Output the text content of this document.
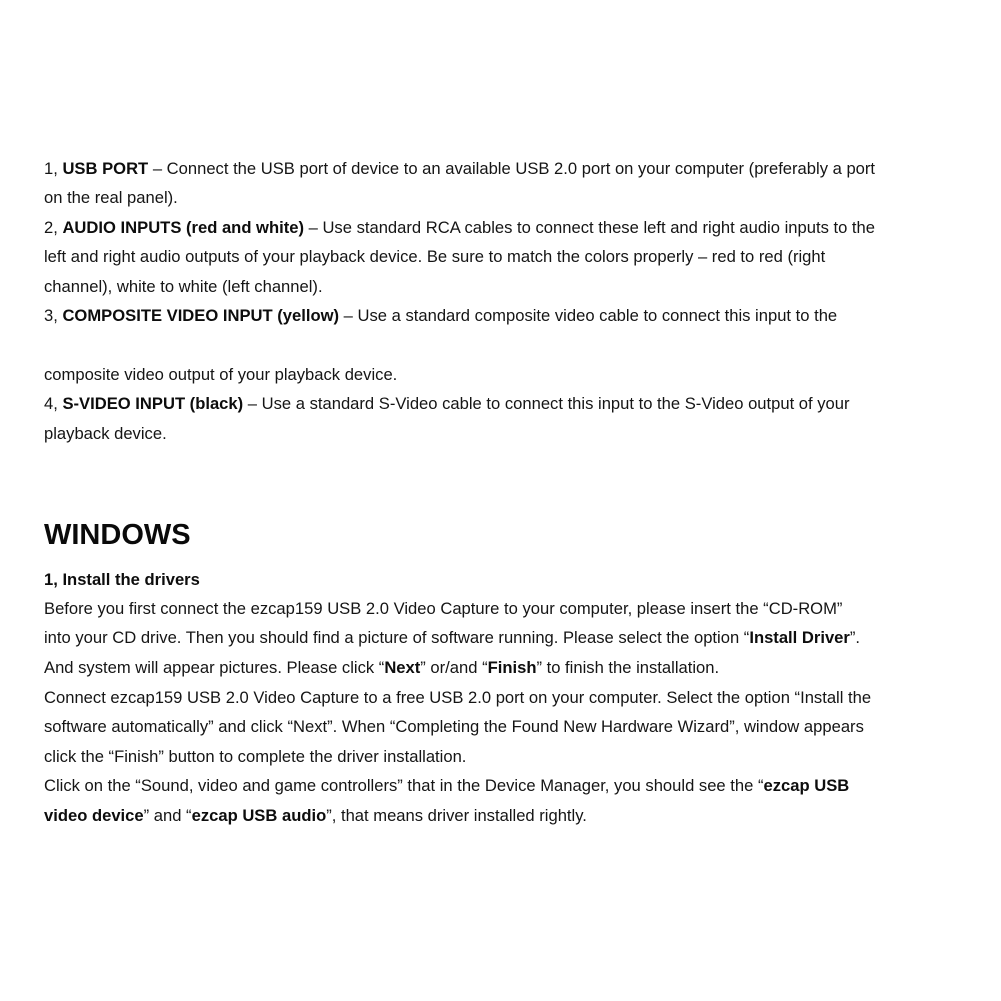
1, USB PORT – Connect the USB port of device to an available USB 2.0 port on your computer (preferably a port
on the real panel).
2, AUDIO INPUTS (red and white) – Use standard RCA cables to connect these left and right audio inputs to the
left and right audio outputs of your playback device. Be sure to match the colors properly – red to red (right
channel), white to white (left channel).
3, COMPOSITE VIDEO INPUT (yellow) – Use a standard composite video cable to connect this input to the
composite video output of your playback device.
4, S-VIDEO INPUT (black) – Use a standard S-Video cable to connect this input to the S-Video output of your
playback device.
WINDOWS
1, Install the drivers
Before you first connect the ezcap159 USB 2.0 Video Capture to your computer, please insert the “CD-ROM”
into your CD drive. Then you should find a picture of software running. Please select the option “Install Driver”.
And system will appear pictures. Please click “Next” or/and “Finish” to finish the installation.
Connect ezcap159 USB 2.0 Video Capture to a free USB 2.0 port on your computer. Select the option “Install the
software automatically” and click “Next”. When “Completing the Found New Hardware Wizard”, window appears
click the “Finish” button to complete the driver installation.
Click on the “Sound, video and game controllers” that in the Device Manager, you should see the “ezcap USB
video device” and “ezcap USB audio”, that means driver installed rightly.
